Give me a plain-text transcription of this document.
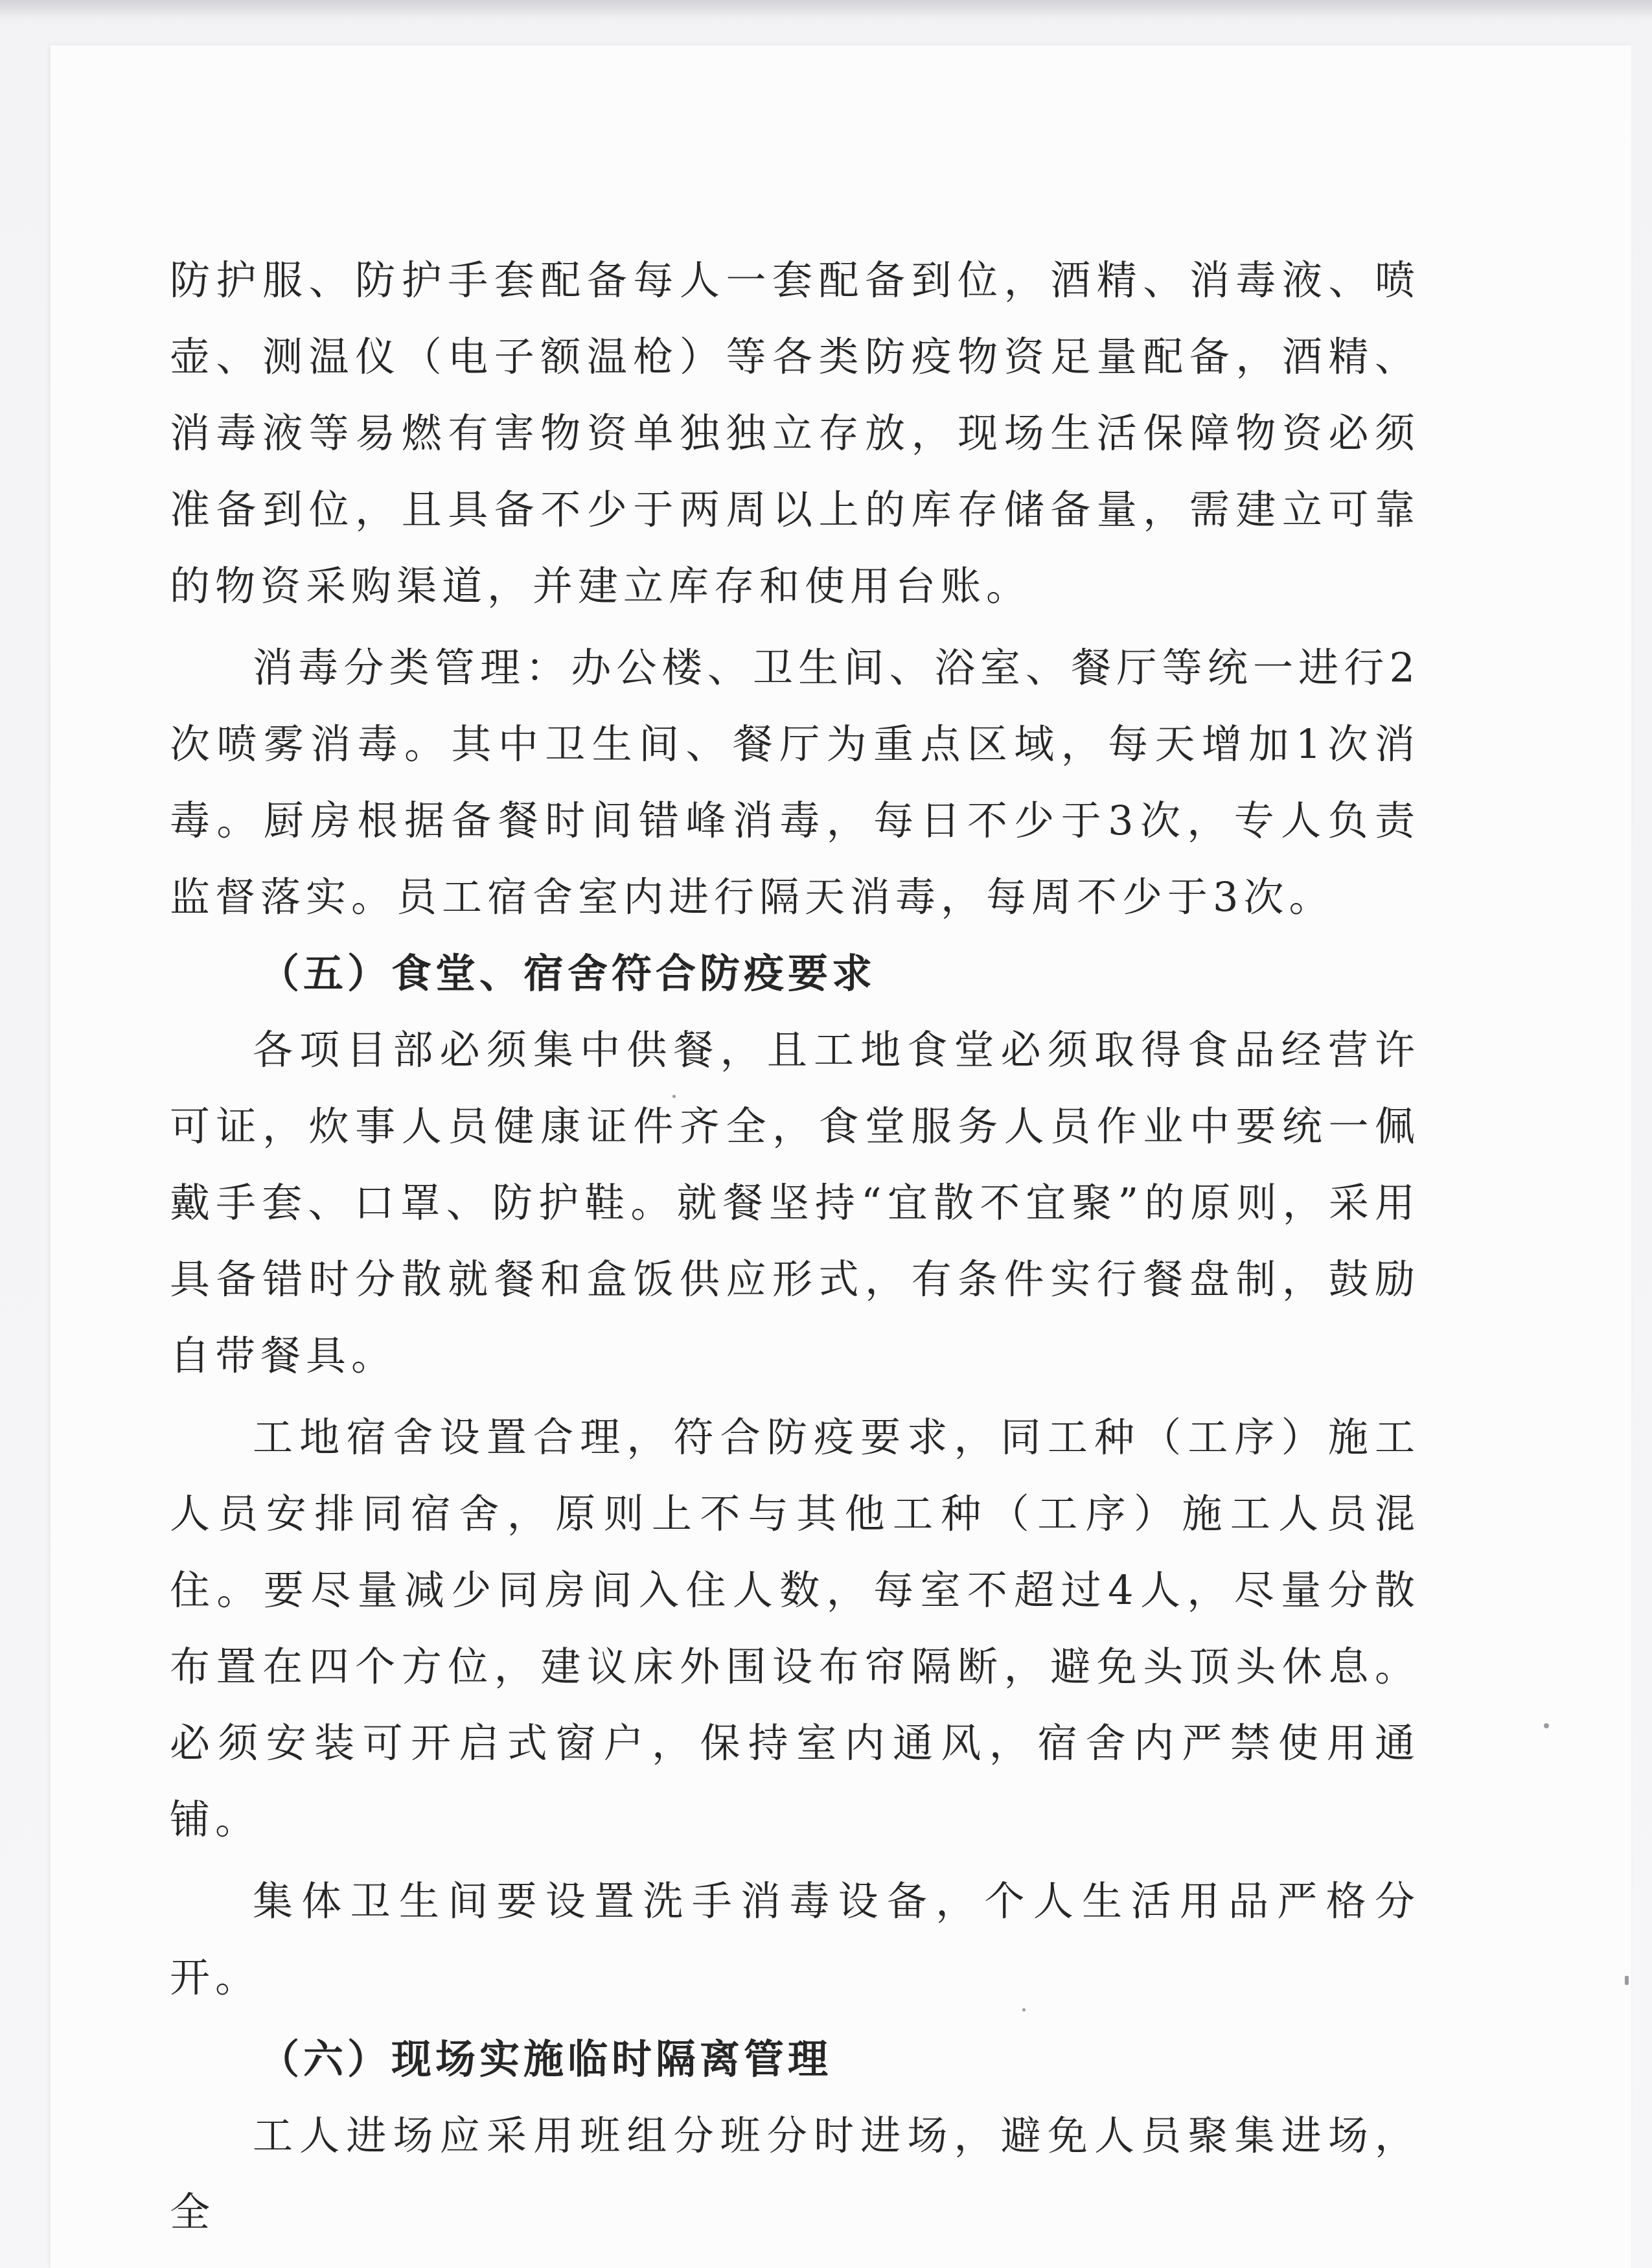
防护服、防护手套配备每人一套配备到位，酒精、消毒液、喷壶、测温仪（电子额温枪）等各类防疫物资足量配备，酒精、消毒液等易燃有害物资单独独立存放，现场生活保障物资必须准备到位，且具备不少于两周以上的库存储备量，需建立可靠的物资采购渠道，并建立库存和使用台账。

消毒分类管理：办公楼、卫生间、浴室、餐厅等统一进行2次喷雾消毒。其中卫生间、餐厅为重点区域，每天增加1次消毒。厨房根据备餐时间错峰消毒，每日不少于3次，专人负责监督落实。员工宿舍室内进行隔天消毒，每周不少于3次。

（五）食堂、宿舍符合防疫要求

各项目部必须集中供餐，且工地食堂必须取得食品经营许可证，炊事人员健康证件齐全，食堂服务人员作业中要统一佩戴手套、口罩、防护鞋。就餐坚持“宜散不宜聚”的原则，采用具备错时分散就餐和盒饭供应形式，有条件实行餐盘制，鼓励自带餐具。

工地宿舍设置合理，符合防疫要求，同工种（工序）施工人员安排同宿舍，原则上不与其他工种（工序）施工人员混住。要尽量减少同房间入住人数，每室不超过4人，尽量分散布置在四个方位，建议床外围设布帘隔断，避免头顶头休息。必须安装可开启式窗户，保持室内通风，宿舍内严禁使用通铺。

集体卫生间要设置洗手消毒设备，个人生活用品严格分开。

（六）现场实施临时隔离管理

工人进场应采用班组分班分时进场，避免人员聚集进场，全
